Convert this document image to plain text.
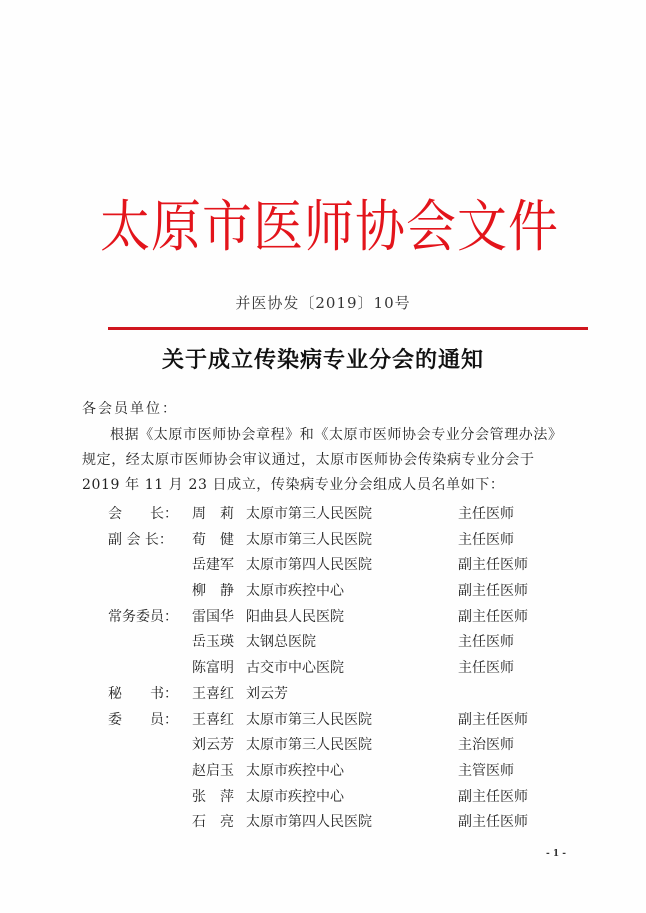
太原市医师协会文件
并医协发〔2019〕10号
关于成立传染病专业分会的通知
各会员单位：
根据《太原市医师协会章程》和《太原市医师协会专业分会管理办法》
规定，经太原市医师协会审议通过，太原市医师协会传染病专业分会于
2019 年 11 月 23 日成立，传染病专业分会组成人员名单如下：
会　　长： 周　莉 太原市第三人民医院	主任医师
副 会 长：	荀　健 太原市第三人民医院	主任医师
岳建军 太原市第四人民医院	副主任医师
柳　静 太原市疾控中心	副主任医师
常务委员： 雷国华 阳曲县人民医院	副主任医师
岳玉瑛 太钢总医院	主任医师
陈富明 古交市中心医院	主任医师
秘　　书： 王喜红 刘云芳
委　　员： 王喜红 太原市第三人民医院	副主任医师
刘云芳 太原市第三人民医院	主治医师
赵启玉 太原市疾控中心	主管医师
张　萍 太原市疾控中心	副主任医师
石　亮 太原市第四人民医院	副主任医师
- 1 -
